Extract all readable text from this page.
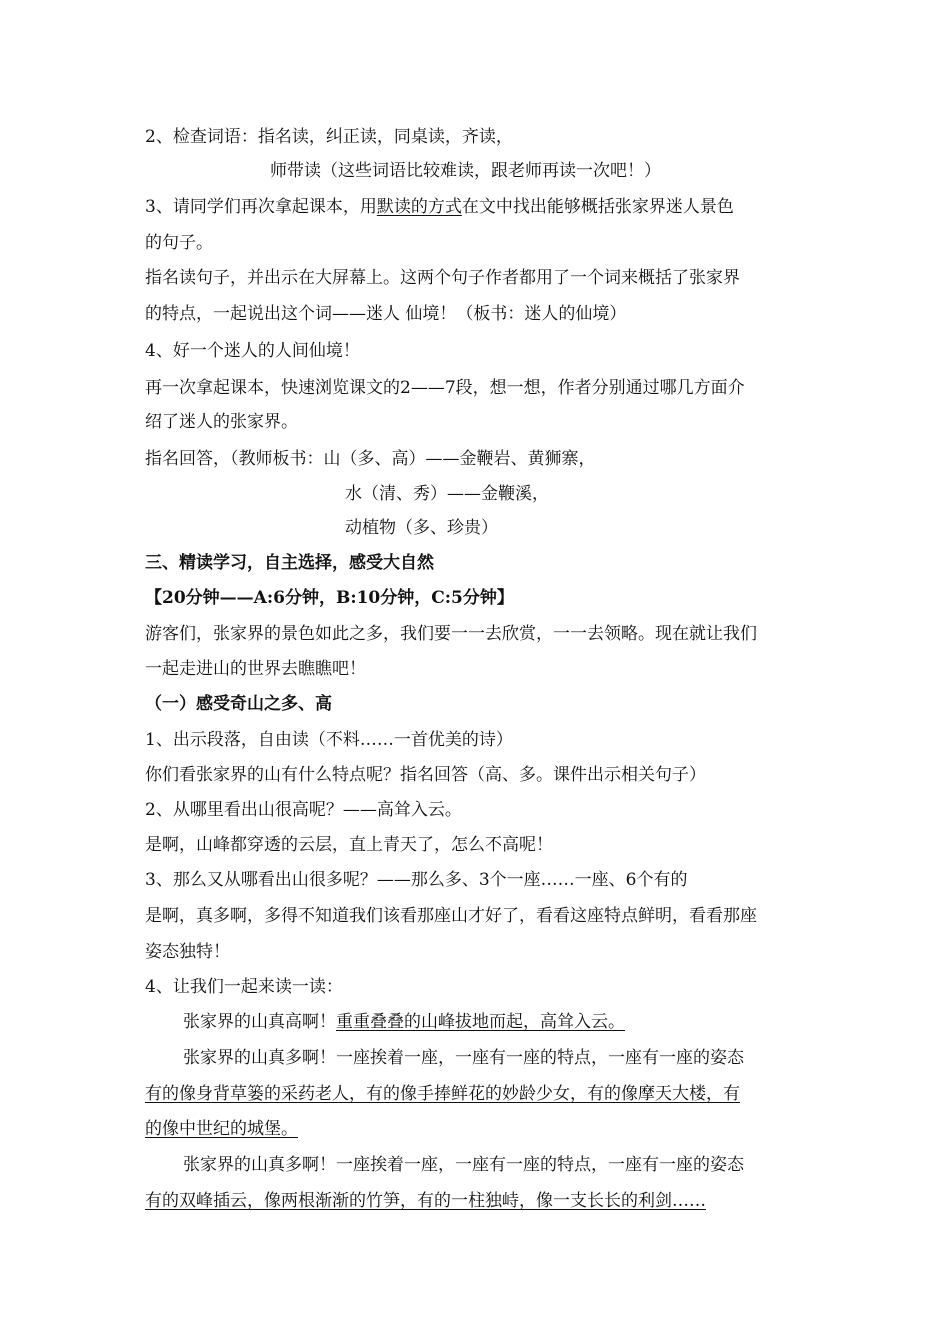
2、检查词语：指名读，纠正读，同桌读，齐读，
师带读（这些词语比较难读，跟老师再读一次吧！）
3、请同学们再次拿起课本，用默读的方式在文中找出能够概括张家界迷人景色
的句子。
指名读句子，并出示在大屏幕上。这两个句子作者都用了一个词来概括了张家界
的特点，一起说出这个词——迷人 仙境！（板书：迷人的仙境）
4、好一个迷人的人间仙境！
再一次拿起课本，快速浏览课文的2——7段，想一想，作者分别通过哪几方面介
绍了迷人的张家界。
指名回答，（教师板书：山（多、高）——金鞭岩、黄狮寨，
水（清、秀）——金鞭溪，
动植物（多、珍贵）
三、精读学习，自主选择，感受大自然
【20分钟——A:6分钟，B:10分钟，C:5分钟】
游客们，张家界的景色如此之多，我们要一一去欣赏，一一去领略。现在就让我们
一起走进山的世界去瞧瞧吧！
（一）感受奇山之多、高
1、出示段落，自由读（不料……一首优美的诗）
你们看张家界的山有什么特点呢？指名回答（高、多。课件出示相关句子）
2、从哪里看出山很高呢？——高耸入云。
是啊，山峰都穿透的云层，直上青天了，怎么不高呢！
3、那么又从哪看出山很多呢？——那么多、3个一座……一座、6个有的
是啊，真多啊，多得不知道我们该看那座山才好了，看看这座特点鲜明，看看那座
姿态独特！
4、让我们一起来读一读：
张家界的山真高啊！重重叠叠的山峰拔地而起，高耸入云。
张家界的山真多啊！一座挨着一座，一座有一座的特点，一座有一座的姿态
有的像身背草篓的采药老人，有的像手捧鲜花的妙龄少女，有的像摩天大楼，有
的像中世纪的城堡。
张家界的山真多啊！一座挨着一座，一座有一座的特点，一座有一座的姿态
有的双峰插云，像两根渐渐的竹笋，有的一柱独峙，像一支长长的利剑……
